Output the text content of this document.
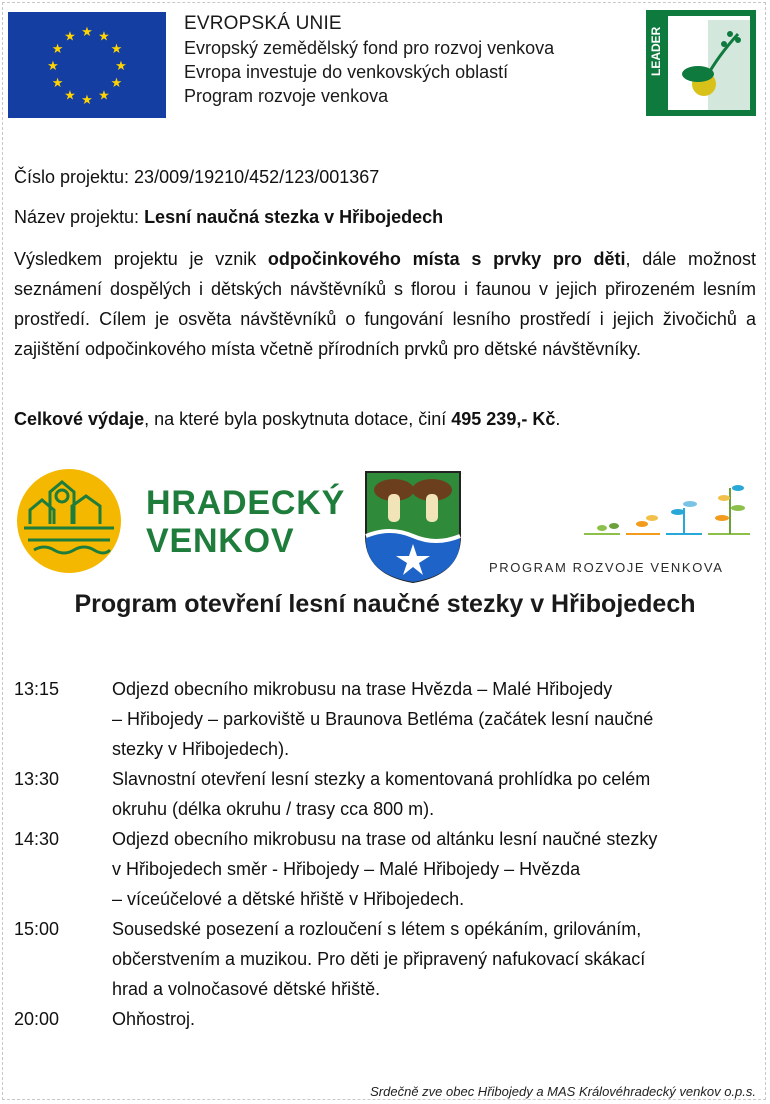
★ ★
★
★
★
★
★
★
★
★
★
★
EVROPSKÁ UNIE
Evropský zemědělský fond pro rozvoj venkova
Evropa investuje do venkovských oblastí
Program rozvoje venkova
LEADER
Číslo projektu: 23/009/19210/452/123/001367
Název projektu: Lesní naučná stezka v Hřibojedech
Výsledkem projektu je vznik odpočinkového místa s prvky pro děti, dále možnost seznámení dospělých i dětských návštěvníků s florou i faunou v jejich přirozeném lesním prostředí. Cílem je osvěta návštěvníků o fungování lesního prostředí i jejich živočichů a zajištění odpočinkového místa včetně přírodních prvků pro dětské návštěvníky.
Celkové výdaje, na které byla poskytnuta dotace, činí 495 239,- Kč.
HRADECKÝ
VENKOV
PROGRAM ROZVOJE VENKOVA
Program otevření lesní naučné stezky v Hřibojedech
13:15	Odjezd obecního mikrobusu na trase Hvězda – Malé Hřibojedy
– Hřibojedy – parkoviště u Braunova Betléma (začátek lesní naučné
stezky v Hřibojedech).
13:30	Slavnostní otevření lesní stezky a komentovaná prohlídka po celém
okruhu (délka okruhu / trasy cca 800 m).
14:30	Odjezd obecního mikrobusu na trase od altánku lesní naučné stezky
v Hřibojedech směr - Hřibojedy – Malé Hřibojedy – Hvězda
– víceúčelové a dětské hřiště v Hřibojedech.
15:00	Sousedské posezení a rozloučení s létem s opékáním, grilováním,
občerstvením a muzikou. Pro děti je připravený nafukovací skákací
hrad a volnočasové dětské hřiště.
20:00	Ohňostroj.
Srdečně zve obec Hřibojedy a MAS Královéhradecký venkov o.p.s.
